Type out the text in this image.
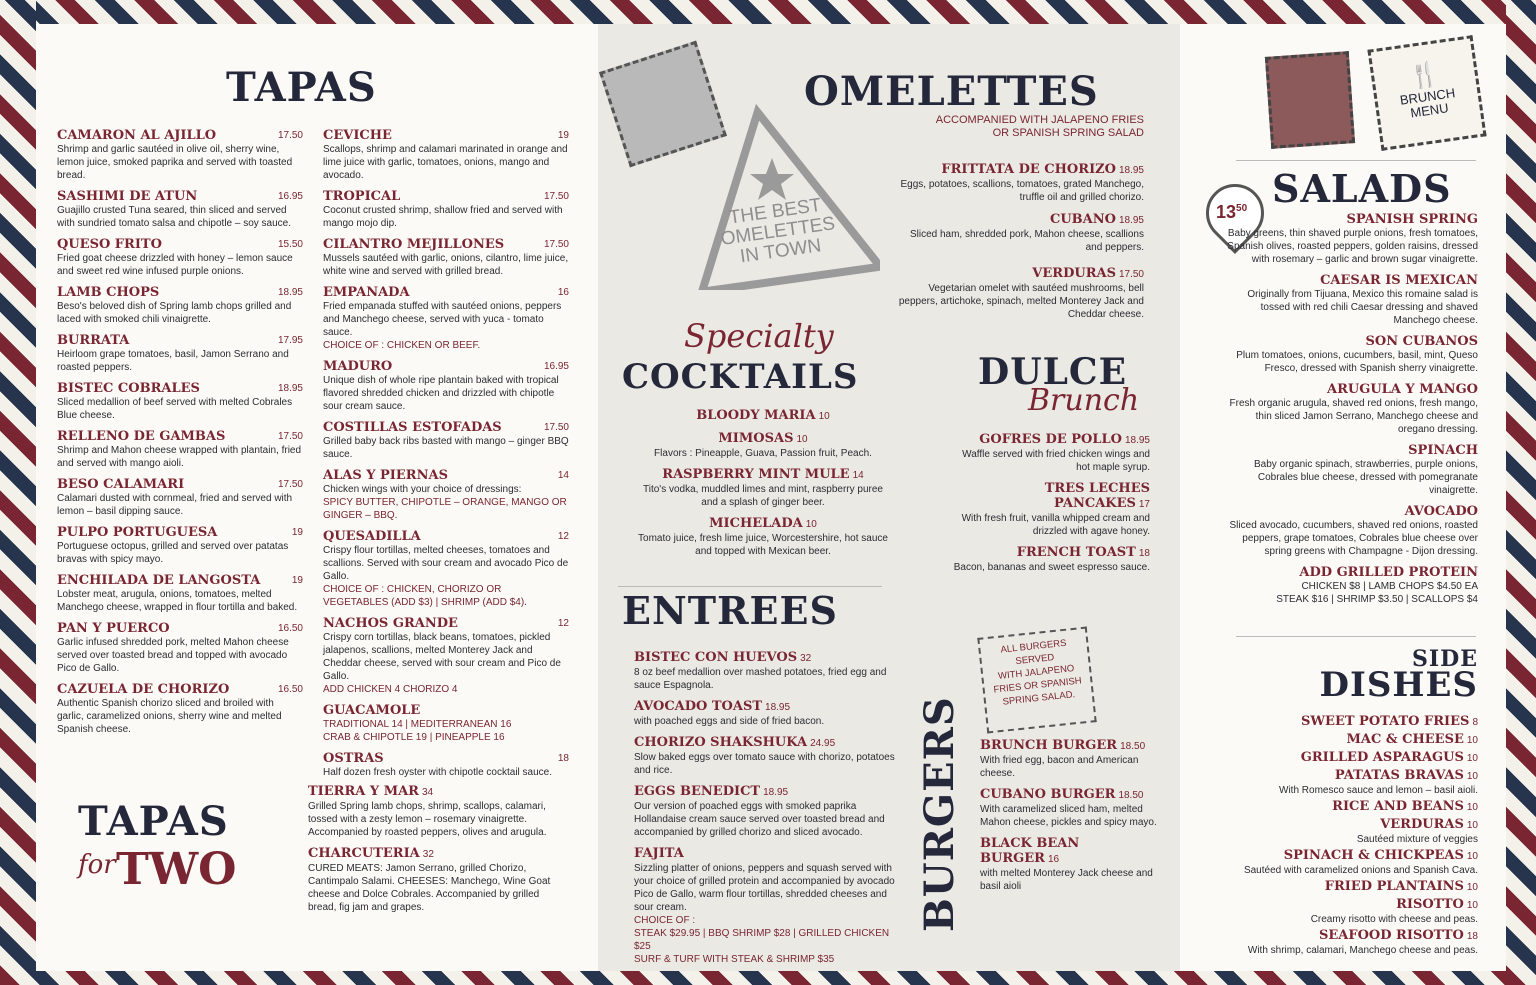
TAPAS
CAMARON AL AJILLO	17.50
Shrimp and garlic sautéed in olive oil, sherry wine, lemon juice, smoked paprika and served with toasted bread.
SASHIMI DE ATUN	16.95
Guajillo crusted Tuna seared, thin sliced and served with sundried tomato salsa and chipotle – soy sauce.
QUESO FRITO	15.50
Fried goat cheese drizzled with honey – lemon sauce and sweet red wine infused purple onions.
LAMB CHOPS	18.95
Beso's beloved dish of Spring lamb chops grilled and laced with smoked chili vinaigrette.
BURRATA	17.95
Heirloom grape tomatoes, basil, Jamon Serrano and roasted peppers.
BISTEC COBRALES	18.95
Sliced medallion of beef served with melted Cobrales Blue cheese.
RELLENO DE GAMBAS	17.50
Shrimp and Mahon cheese wrapped with plantain, fried and served with mango aioli.
BESO CALAMARI	17.50
Calamari dusted with cornmeal, fried and served with lemon – basil dipping sauce.
PULPO PORTUGUESA	19
Portuguese octopus, grilled and served over patatas bravas with spicy mayo.
ENCHILADA DE LANGOSTA	19
Lobster meat, arugula, onions, tomatoes, melted Manchego cheese, wrapped in flour tortilla and baked.
PAN Y PUERCO	16.50
Garlic infused shredded pork, melted Mahon cheese served over toasted bread and topped with avocado Pico de Gallo.
CAZUELA DE CHORIZO	16.50
Authentic Spanish chorizo sliced and broiled with garlic, caramelized onions, sherry wine and melted Spanish cheese.
CEVICHE	19
Scallops, shrimp and calamari marinated in orange and lime juice with garlic, tomatoes, onions, mango and avocado.
TROPICAL	17.50
Coconut crusted shrimp, shallow fried and served with mango mojo dip.
CILANTRO MEJILLONES	17.50
Mussels sautéed with garlic, onions, cilantro, lime juice, white wine and served with grilled bread.
EMPANADA	16
Fried empanada stuffed with sautéed onions, peppers and Manchego cheese, served with yuca - tomato sauce.
CHOICE OF : CHICKEN OR BEEF.
MADURO	16.95
Unique dish of whole ripe plantain baked with tropical flavored shredded chicken and drizzled with chipotle sour cream sauce.
COSTILLAS ESTOFADAS	17.50
Grilled baby back ribs basted with mango – ginger BBQ sauce.
ALAS Y PIERNAS	14
Chicken wings with your choice of dressings:
SPICY BUTTER, CHIPOTLE – ORANGE, MANGO OR GINGER – BBQ.
QUESADILLA	12
Crispy flour tortillas, melted cheeses, tomatoes and scallions. Served with sour cream and avocado Pico de Gallo.
CHOICE OF : CHICKEN, CHORIZO OR VEGETABLES (ADD $3) | SHRIMP (ADD $4).
NACHOS GRANDE	12
Crispy corn tortillas, black beans, tomatoes, pickled jalapenos, scallions, melted Monterey Jack and Cheddar cheese, served with sour cream and Pico de Gallo.
ADD CHICKEN 4 CHORIZO 4
GUACAMOLE
TRADITIONAL 14 | MEDITERRANEAN 16
CRAB & CHIPOTLE 19 | PINEAPPLE 16
OSTRAS	18
Half dozen fresh oyster with chipotle cocktail sauce.
TAPAS
for TWO
TIERRA Y MAR 34
Grilled Spring lamb chops, shrimp, scallops, calamari, tossed with a zesty lemon – rosemary vinaigrette. Accompanied by roasted peppers, olives and arugula.
CHARCUTERIA 32
CURED MEATS: Jamon Serrano, grilled Chorizo, Cantimpalo Salami. CHEESES: Manchego, Wine Goat cheese and Dolce Cobrales. Accompanied by grilled bread, fig jam and grapes.
THE BEST
OMELETTES
IN TOWN
OMELETTES
ACCOMPANIED WITH JALAPENO FRIES
OR SPANISH SPRING SALAD
FRITTATA DE CHORIZO 18.95
Eggs, potatoes, scallions, tomatoes, grated Manchego, truffle oil and grilled chorizo.
CUBANO 18.95
Sliced ham, shredded pork, Mahon cheese, scallions and peppers.
VERDURAS 17.50
Vegetarian omelet with sautéed mushrooms, bell peppers, artichoke, spinach, melted Monterey Jack and Cheddar cheese.
Specialty
COCKTAILS
BLOODY MARIA 10
MIMOSAS 10
Flavors : Pineapple, Guava, Passion fruit, Peach.
RASPBERRY MINT MULE 14
Tito's vodka, muddled limes and mint, raspberry puree and a splash of ginger beer.
MICHELADA 10
Tomato juice, fresh lime juice, Worcestershire, hot sauce and topped with Mexican beer.
DULCE
Brunch
GOFRES DE POLLO 18.95
Waffle served with fried chicken wings and hot maple syrup.
TRES LECHES PANCAKES 17
With fresh fruit, vanilla whipped cream and drizzled with agave honey.
FRENCH TOAST 18
Bacon, bananas and sweet espresso sauce.
ENTREES
BISTEC CON HUEVOS 32
8 oz beef medallion over mashed potatoes, fried egg and sauce Espagnola.
AVOCADO TOAST 18.95
with poached eggs and side of fried bacon.
CHORIZO SHAKSHUKA 24.95
Slow baked eggs over tomato sauce with chorizo, potatoes and rice.
EGGS BENEDICT 18.95
Our version of poached eggs with smoked paprika Hollandaise cream sauce served over toasted bread and accompanied by grilled chorizo and sliced avocado.
FAJITA
Sizzling platter of onions, peppers and squash served with your choice of grilled protein and accompanied by avocado Pico de Gallo, warm flour tortillas, shredded cheeses and sour cream.
CHOICE OF :
STEAK $29.95 | BBQ SHRIMP $28 | GRILLED CHICKEN $25
SURF & TURF WITH STEAK & SHRIMP $35
BURGERS
ALL BURGERS
SERVED
WITH JALAPENO
FRIES OR SPANISH
SPRING SALAD.
BRUNCH BURGER 18.50
With fried egg, bacon and American cheese.
CUBANO BURGER 18.50
With caramelized sliced ham, melted Mahon cheese, pickles and spicy mayo.
BLACK BEAN BURGER 16
with melted Monterey Jack cheese and basil aioli
🍴
BRUNCH
MENU
$13^{50}$ SALADS
SPANISH SPRING
Baby greens, thin shaved purple onions, fresh tomatoes, Spanish olives, roasted peppers, golden raisins, dressed with rosemary – garlic and brown sugar vinaigrette.
CAESAR IS MEXICAN
Originally from Tijuana, Mexico this romaine salad is tossed with red chili Caesar dressing and shaved Manchego cheese.
SON CUBANOS
Plum tomatoes, onions, cucumbers, basil, mint, Queso Fresco, dressed with Spanish sherry vinaigrette.
ARUGULA Y MANGO
Fresh organic arugula, shaved red onions, fresh mango, thin sliced Jamon Serrano, Manchego cheese and oregano dressing.
SPINACH
Baby organic spinach, strawberries, purple onions, Cobrales blue cheese, dressed with pomegranate vinaigrette.
AVOCADO
Sliced avocado, cucumbers, shaved red onions, roasted peppers, grape tomatoes, Cobrales blue cheese over spring greens with Champagne - Dijon dressing.
ADD GRILLED PROTEIN
CHICKEN $8 | LAMB CHOPS $4.50 EA
STEAK $16 | SHRIMP $3.50 | SCALLOPS $4
SIDE
DISHES
SWEET POTATO FRIES 8
MAC & CHEESE 10
GRILLED ASPARAGUS 10
PATATAS BRAVAS 10
With Romesco sauce and lemon – basil aioli.
RICE AND BEANS 10
VERDURAS 10
Sautéed mixture of veggies
SPINACH & CHICKPEAS 10
Sautéed with caramelized onions and Spanish Cava.
FRIED PLANTAINS 10
RISOTTO 10
Creamy risotto with cheese and peas.
SEAFOOD RISOTTO 18
With shrimp, calamari, Manchego cheese and peas.
